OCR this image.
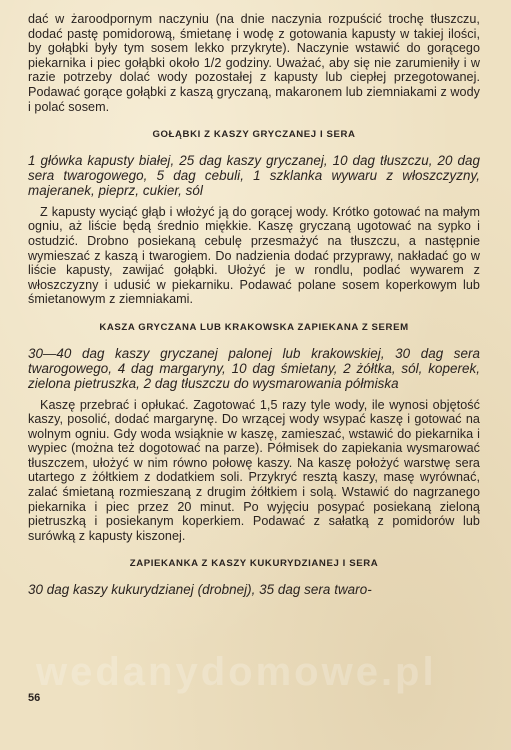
wedanydomowe.pl

dać w żaroodpornym naczyniu (na dnie naczynia rozpuścić trochę tłuszczu, dodać pastę pomidorową, śmietanę i wodę z gotowania kapusty w takiej ilości, by gołąbki były tym sosem lekko przykryte). Naczynie wstawić do gorącego piekarnika i piec gołąbki około 1/2 godziny. Uważać, aby się nie zarumieniły i w razie potrzeby dolać wody pozostałej z kapusty lub ciepłej przegotowanej. Podawać gorące gołąbki z kaszą gryczaną, makaronem lub ziemniakami z wody i polać sosem.

GOŁĄBKI Z KASZY GRYCZANEJ I SERA

1 główka kapusty białej, 25 dag kaszy gryczanej, 10 dag tłuszczu, 20 dag sera twarogowego, 5 dag cebuli, 1 szklanka wywaru z włoszczyzny, majeranek, pieprz, cukier, sól

Z kapusty wyciąć głąb i włożyć ją do gorącej wody. Krótko gotować na małym ogniu, aż liście będą średnio miękkie. Kaszę gryczaną ugotować na sypko i ostudzić. Drobno posiekaną cebulę przesmażyć na tłuszczu, a następnie wymieszać z kaszą i twarogiem. Do nadzienia dodać przyprawy, nakładać go w liście kapusty, zawijać gołąbki. Ułożyć je w rondlu, podlać wywarem z włoszczyzny i udusić w piekarniku. Podawać polane sosem koperkowym lub śmietanowym z ziemniakami.

KASZA GRYCZANA LUB KRAKOWSKA ZAPIEKANA Z SEREM

30—40 dag kaszy gryczanej palonej lub krakowskiej, 30 dag sera twarogowego, 4 dag margaryny, 10 dag śmietany, 2 żółtka, sól, koperek, zielona pietruszka, 2 dag tłuszczu do wysmarowania półmiska

Kaszę przebrać i opłukać. Zagotować 1,5 razy tyle wody, ile wynosi objętość kaszy, posolić, dodać margarynę. Do wrzącej wody wsypać kaszę i gotować na wolnym ogniu. Gdy woda wsiąknie w kaszę, zamieszać, wstawić do piekarnika i wypiec (można też dogotować na parze). Półmisek do zapiekania wysmarować tłuszczem, ułożyć w nim równo połowę kaszy. Na kaszę położyć warstwę sera utartego z żółtkiem z dodatkiem soli. Przykryć resztą kaszy, masę wyrównać, zalać śmietaną rozmieszaną z drugim żółtkiem i solą. Wstawić do nagrzanego piekarnika i piec przez 20 minut. Po wyjęciu posypać posiekaną zieloną pietruszką i posiekanym koperkiem. Podawać z sałatką z pomidorów lub surówką z kapusty kiszonej.

ZAPIEKANKA Z KASZY KUKURYDZIANEJ I SERA

30 dag kaszy kukurydzianej (drobnej), 35 dag sera twaro-

56
